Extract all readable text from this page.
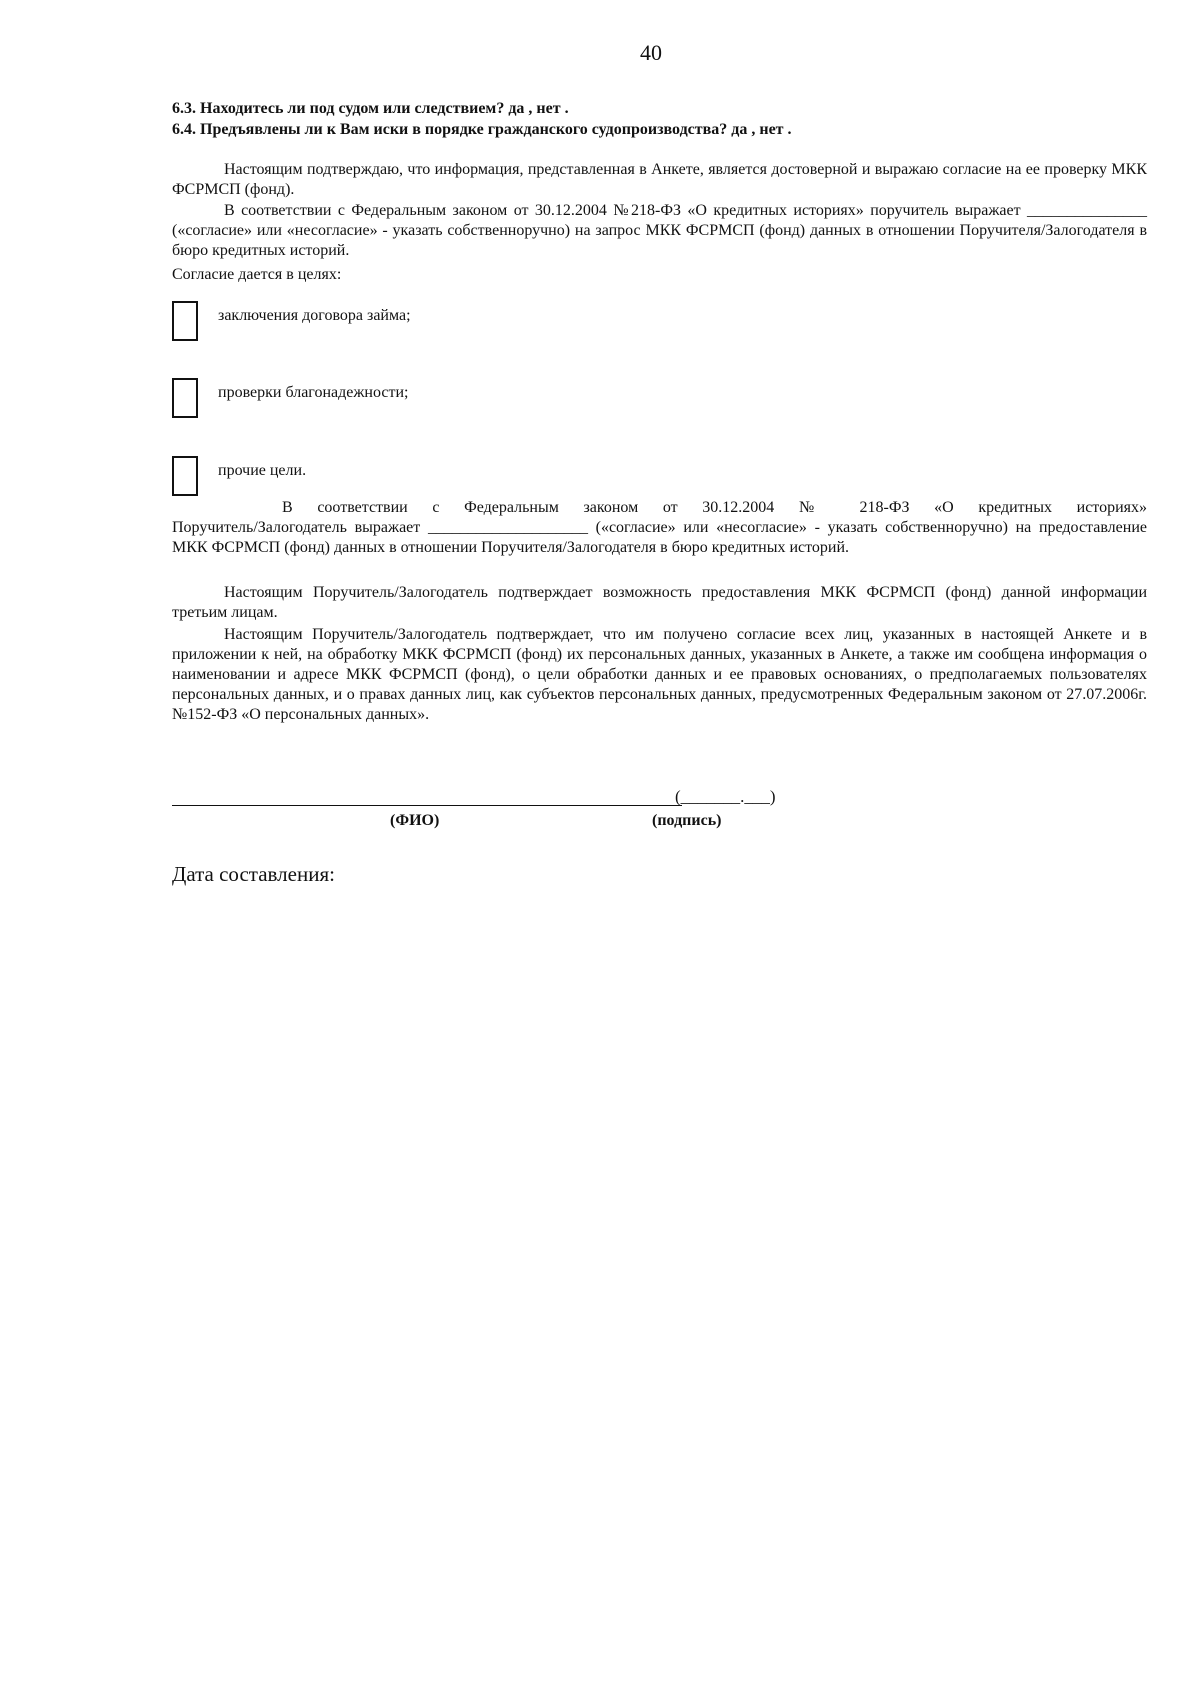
40
6.3. Находитесь ли под судом или следствием? да , нет .
6.4. Предъявлены ли к Вам иски в порядке гражданского судопроизводства? да , нет .
Настоящим подтверждаю, что информация, представленная в Анкете, является достоверной и выражаю согласие на ее проверку МКК ФСРМСП (фонд).
В соответствии с Федеральным законом от 30.12.2004 №218-ФЗ «О кредитных историях» поручитель выражает _______________ («согласие» или «несогласие» - указать собственноручно) на запрос МКК ФСРМСП (фонд) данных в отношении Поручителя/Залогодателя в бюро кредитных историй.
Согласие дается в целях:
заключения договора займа;
проверки благонадежности;
прочие цели.
В соответствии с Федеральным законом от 30.12.2004 № 218-ФЗ «О кредитных историях»
Поручитель/Залогодатель выражает ____________________ («согласие» или «несогласие» - указать собственноручно) на предоставление МКК ФСРМСП (фонд) данных в отношении Поручителя/Залогодателя в бюро кредитных историй.
Настоящим Поручитель/Залогодатель подтверждает возможность предоставления МКК ФСРМСП (фонд) данной информации третьим лицам.
Настоящим Поручитель/Залогодатель подтверждает, что им получено согласие всех лиц, указанных в настоящей Анкете и в приложении к ней, на обработку МКК ФСРМСП (фонд) их персональных данных, указанных в Анкете, а также им сообщена информация о наименовании и адресе МКК ФСРМСП (фонд), о цели обработки данных и ее правовых основаниях, о предполагаемых пользователях персональных данных, и о правах данных лиц, как субъектов персональных данных, предусмотренных Федеральным законом от 27.07.2006г. №152-ФЗ «О персональных данных».
(_______.___)
(ФИО)	(подпись)
Дата составления:
